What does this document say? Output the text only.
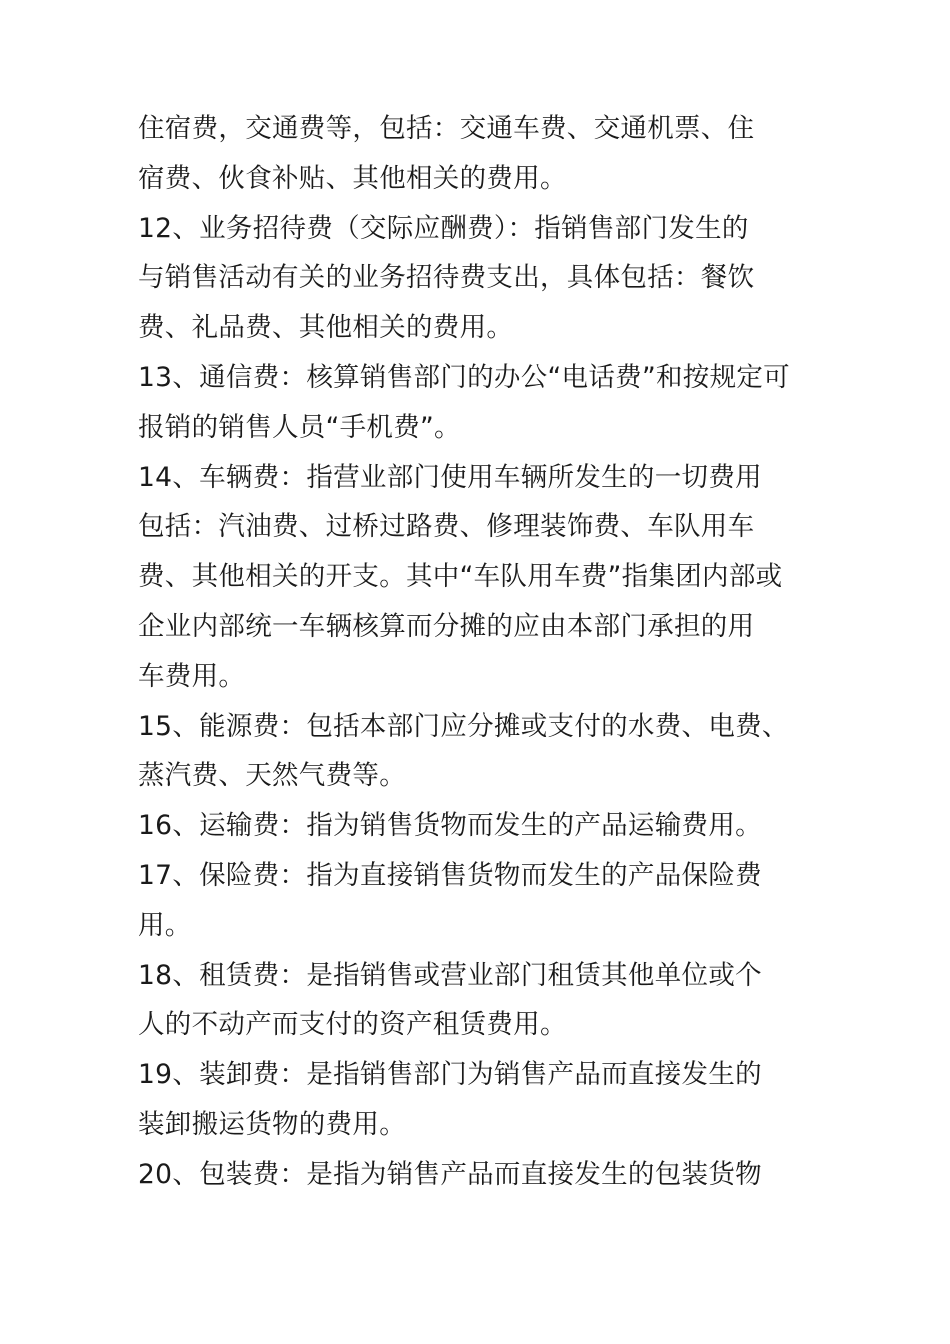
住宿费，交通费等，包括：交通车费、交通机票、住
宿费、伙食补贴、其他相关的费用。
12、业务招待费（交际应酬费）：指销售部门发生的
与销售活动有关的业务招待费支出，具体包括：餐饮
费、礼品费、其他相关的费用。
13、通信费：核算销售部门的办公“电话费”和按规定可
报销的销售人员“手机费”。
14、车辆费：指营业部门使用车辆所发生的一切费用
包括：汽油费、过桥过路费、修理装饰费、车队用车
费、其他相关的开支。其中“车队用车费”指集团内部或
企业内部统一车辆核算而分摊的应由本部门承担的用
车费用。
15、能源费：包括本部门应分摊或支付的水费、电费、
蒸汽费、天然气费等。
16、运输费：指为销售货物而发生的产品运输费用。
17、保险费：指为直接销售货物而发生的产品保险费
用。
18、租赁费：是指销售或营业部门租赁其他单位或个
人的不动产而支付的资产租赁费用。
19、装卸费：是指销售部门为销售产品而直接发生的
装卸搬运货物的费用。
20、包装费：是指为销售产品而直接发生的包装货物
